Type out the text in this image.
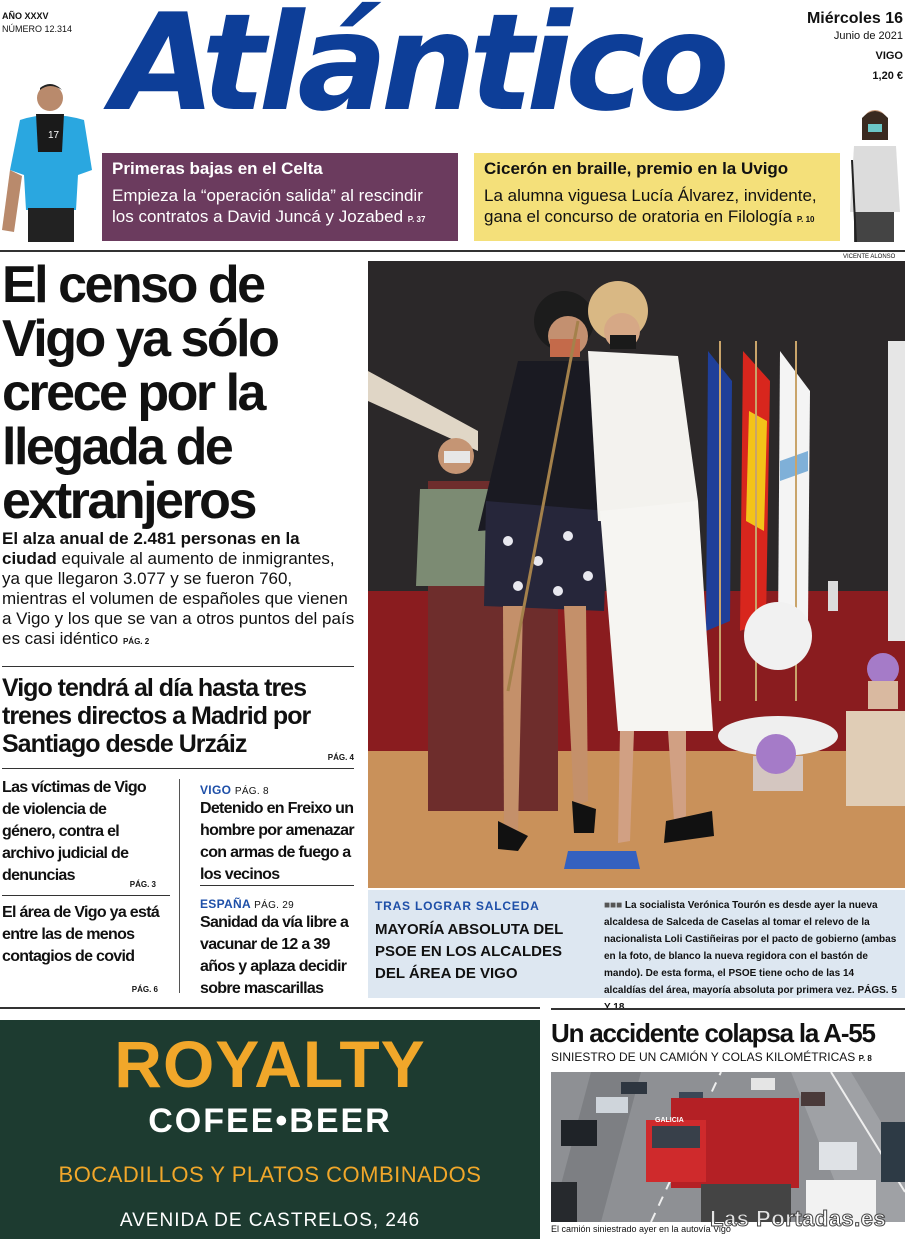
AÑO XXXV
NÚMERO 12.314 Atlántico	Miércoles 16
Junio de 2021
VIGO
1,20 €
17
Primeras bajas en el Celta
Empieza la “operación salida” al rescindir los contratos a David Juncá y Jozabed P. 37
Cicerón en braille, premio en la Uvigo
La alumna viguesa Lucía Álvarez, invidente, gana el concurso de oratoria en Filología P. 10
El censo de Vigo ya sólo crece por la llegada de extranjeros

El alza anual de 2.481 personas en la ciudad equivale al aumento de inmigrantes, ya que llegaron 3.077 y se fueron 760, mientras el volumen de españoles que vienen a Vigo y los que se van a otros puntos del país es casi idéntico PÁG. 2

Vigo tendrá al día hasta tres trenes directos a Madrid por Santiago desde Urzáiz	PÁG. 4
Las víctimas de Vigo de violencia de género, contra el archivo judicial de denuncias
PÁG. 3
El área de Vigo ya está entre las de menos contagios de covid
PÁG. 6
VIGO PÁG. 8
Detenido en Freixo un hombre por amenazar con armas de fuego a los vecinos
ESPAÑA PÁG. 29
Sanidad da vía libre a vacunar de 12 a 39 años y aplaza decidir sobre mascarillas
VICENTE ALONSO
TRAS LOGRAR SALCEDA
MAYORÍA ABSOLUTA DEL PSOE EN LOS ALCALDES DEL ÁREA DE VIGO
■■■ La socialista Verónica Tourón es desde ayer la nueva alcaldesa de Salceda de Caselas al tomar el relevo de la nacionalista Loli Castiñeiras por el pacto de gobierno (ambas en la foto, de blanco la nueva regidora con el bastón de mando). De esta forma, el PSOE tiene ocho de las 14 alcaldías del área, mayoría absoluta por primera vez. PÁGS. 5
ROYALTY
COFEE•BEER
BOCADILLOS Y PLATOS COMBINADOS
AVENIDA DE CASTRELOS, 246
Un accidente colapsa la A-55
SINIESTRO DE UN CAMIÓN Y COLAS KILOMÉTRICAS P. 8
GALICIA
El camión siniestrado ayer en la autovía Vigo
Las Portadas.es
